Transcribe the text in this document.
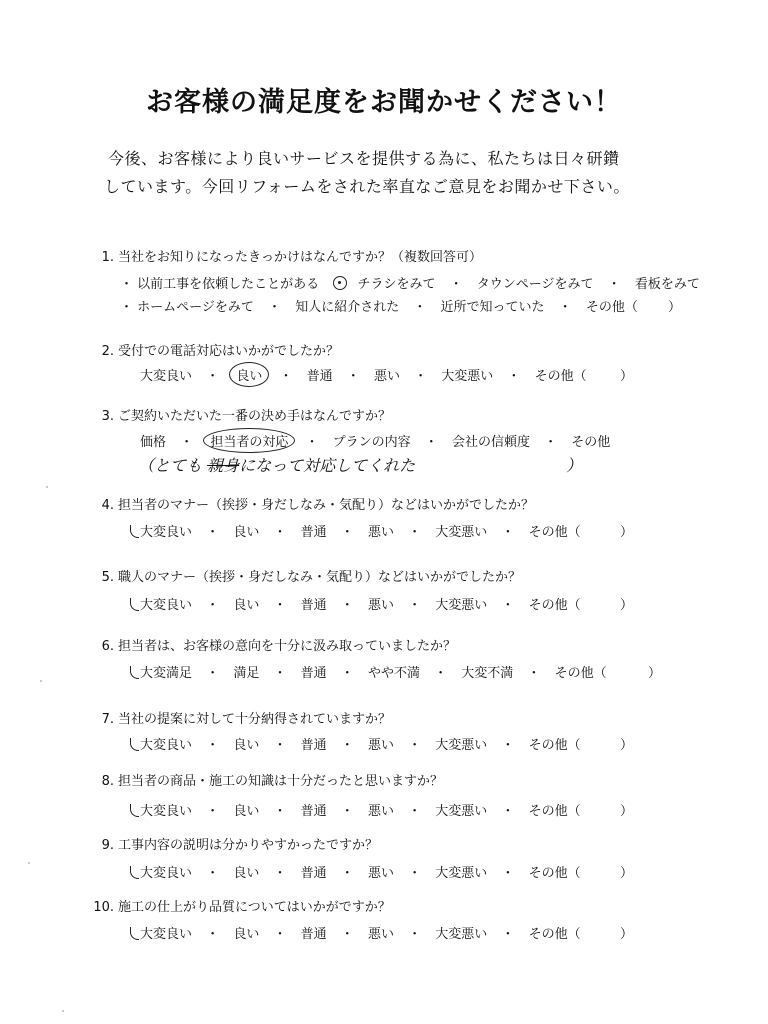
お客様の満足度をお聞かせください！
今後、お客様により良いサービスを提供する為に、私たちは日々研鑽
しています。今回リフォームをされた率直なご意見をお聞かせ下さい。
1. 当社をお知りになったきっかけはなんですか？（複数回答可）
・ 以前工事を依頼したことがある	チラシをみて ・ タウンページをみて ・ 看板をみて
・ ホームページをみて ・ 知人に紹介された ・ 近所で知っていた ・ その他（ ）
2. 受付での電話対応はいかがでしたか？
大変良い ・ 良い ・ 普通 ・ 悪い ・ 大変悪い ・ その他（	）
3. ご契約いただいた一番の決め手はなんですか？
価格 ・ 担当者の対応 ・ プランの内容 ・ 会社の信頼度 ・ その他
（とても 親身になって対応してくれた	）
4. 担当者のマナー（挨拶・身だしなみ・気配り）などはいかがでしたか？
大変良い ・ 良い ・ 普通 ・ 悪い ・ 大変悪い ・ その他（	）
5. 職人のマナー（挨拶・身だしなみ・気配り）などはいかがでしたか？
大変良い ・ 良い ・ 普通 ・ 悪い ・ 大変悪い ・ その他（	）
6. 担当者は、お客様の意向を十分に汲み取っていましたか？
大変満足 ・ 満足 ・ 普通 ・ やや不満 ・ 大変不満 ・ その他（	）
7. 当社の提案に対して十分納得されていますか？
大変良い ・ 良い ・ 普通 ・ 悪い ・ 大変悪い ・ その他（	）
8. 担当者の商品・施工の知識は十分だったと思いますか？
大変良い ・ 良い ・ 普通 ・ 悪い ・ 大変悪い ・ その他（	）
9. 工事内容の説明は分かりやすかったですか？
大変良い ・ 良い ・ 普通 ・ 悪い ・ 大変悪い ・ その他（	）
10. 施工の仕上がり品質についてはいかがですか？
大変良い ・ 良い ・ 普通 ・ 悪い ・ 大変悪い ・ その他（	）
